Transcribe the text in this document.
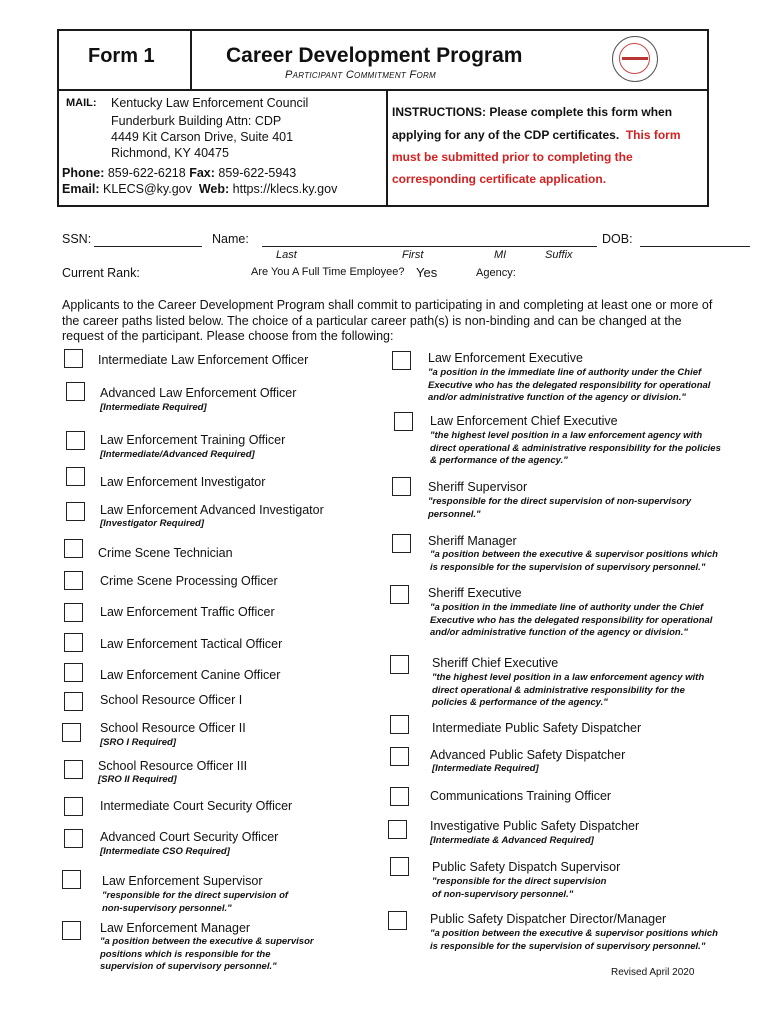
Form 1	Career Development Program
Participant Commitment Form
MAIL: Kentucky Law Enforcement Council
Funderburk Building Attn: CDP
4449 Kit Carson Drive, Suite 401
Richmond, KY 40475
Phone: 859-622-6218 Fax: 859-622-5943
Email: KLECS@ky.gov Web: https://klecs.ky.gov
INSTRUCTIONS: Please complete this form when
applying for any of the CDP certificates. This form
must be submitted prior to completing the
corresponding certificate application.
SSN:	Name:	DOB:
Last	First	MI	Suffix
Current Rank:	Are You A Full Time Employee? Yes	Agency:
Applicants to the Career Development Program shall commit to participating in and completing at least one or more of the career paths listed below. The choice of a particular career path(s) is non-binding and can be changed at the request of the participant. Please choose from the following:
Intermediate Law Enforcement Officer
Advanced Law Enforcement Officer
[Intermediate Required]
Law Enforcement Training Officer
[Intermediate/Advanced Required]
Law Enforcement Investigator
Law Enforcement Advanced Investigator
[Investigator Required]
Crime Scene Technician
Crime Scene Processing Officer
Law Enforcement Traffic Officer
Law Enforcement Tactical Officer
Law Enforcement Canine Officer
School Resource Officer I
School Resource Officer II
[SRO I Required]
School Resource Officer III
[SRO II Required]
Intermediate Court Security Officer
Advanced Court Security Officer
[Intermediate CSO Required]
Law Enforcement Supervisor
"responsible for the direct supervision of
non-supervisory personnel."
Law Enforcement Manager
"a position between the executive & supervisor
positions which is responsible for the
supervision of supervisory personnel."
Law Enforcement Executive
"a position in the immediate line of authority under the Chief
Executive who has the delegated responsibility for operational
and/or administrative function of the agency or division."
Law Enforcement Chief Executive
"the highest level position in a law enforcement agency with
direct operational & administrative responsibility for the policies
& performance of the agency."
Sheriff Supervisor
"responsible for the direct supervision of non-supervisory
personnel."
Sheriff Manager
"a position between the executive & supervisor positions which
is responsible for the supervision of supervisory personnel."
Sheriff Executive
"a position in the immediate line of authority under the Chief
Executive who has the delegated responsibility for operational
and/or administrative function of the agency or division."
Sheriff Chief Executive
"the highest level position in a law enforcement agency with
direct operational & administrative responsibility for the
policies & performance of the agency."
Intermediate Public Safety Dispatcher
Advanced Public Safety Dispatcher
[Intermediate Required]
Communications Training Officer
Investigative Public Safety Dispatcher
[Intermediate & Advanced Required]
Public Safety Dispatch Supervisor
"responsible for the direct supervision
of non-supervisory personnel."
Public Safety Dispatcher Director/Manager
"a position between the executive & supervisor positions which
is responsible for the supervision of supervisory personnel."
Revised April 2020
